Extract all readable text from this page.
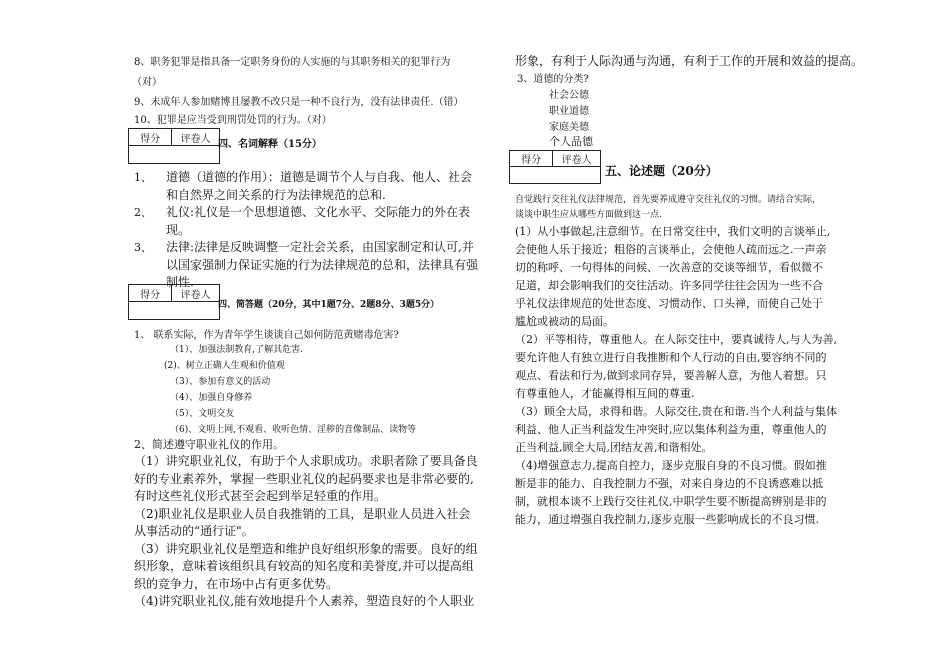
8、职务犯罪是指具备一定职务身份的人实施的与其职务相关的犯罪行为
（对）
9、未成年人参加赌博且屡教不改只是一种不良行为，没有法律责任.（错）
10、犯罪是应当受到刑罚处罚的行为。（对）
得分	评卷人 四、名词解释（15分）
1、 道德（道德的作用）：道德是调节个人与自我、他人、社会
和自然界之间关系的行为法律规范的总和.
2、 礼仪:礼仪是一个思想道德、文化水平、交际能力的外在表
现。
3、 法律:法律是反映调整一定社会关系，由国家制定和认可,并
以国家强制力保证实施的行为法律规范的总和，法律具有强
制性.
得分	评卷人
四、简答题（20分，其中1题7分、2题8分、3题5分）
1、 联系实际，作为青年学生谈谈自己如何防范黄赌毒危害?
（1）、加强法制教育,了解其危害.
(2)、树立正确人生观和价值观
（3）、参加有意义的活动
（4）、加强自身修养
（5）、文明交友
（6)、文明上网,不观看、收听色情、淫秽的音像制品、读物等
2、简述遵守职业礼仪的作用。
（1）讲究职业礼仪，有助于个人求职成功。求职者除了要具备良
好的专业素养外，掌握一些职业礼仪的起码要求也是非常必要的,
有时这些礼仪形式甚至会起到举足轻重的作用。
（2)职业礼仪是职业人员自我推销的工具，是职业人员进入社会
从事活动的“通行证"。
（3）讲究职业礼仪是塑造和维护良好组织形象的需要。良好的组
织形象，意味着该组织具有较高的知名度和美誉度,并可以提高组
织的竞争力，在市场中占有更多优势。
（4)讲究职业礼仪,能有效地提升个人素养，塑造良好的个人职业
形象，有利于人际沟通与沟通，有利于工作的开展和效益的提高。
3、道德的分类?
社会公德
职业道德
家庭美德
个人品德
得分	评卷人
五、论述题（20分）
自觉践行交往礼仪法律规范，首先要养成遵守交往礼仪的习惯。请结合实际，
谈谈中职生应从哪些方面做到这一点.
(1）从小事做起,注意细节。在日常交往中，我们文明的言谈举止,
会使他人乐于接近；粗俗的言谈举止，会使他人疏而远之.一声亲
切的称呼、一句得体的问候、一次善意的交谈等细节，看似微不
足道，却会影响我们的交往活动。许多同学往往会因为一些不合
乎礼仪法律规范的处世态度、习惯动作、口头禅，而使自己处于
尴尬或被动的局面。
（2）平等相待，尊重他人。在人际交往中，要真诚待人,与人为善,
要允许他人有独立进行自我推断和个人行动的自由,要容纳不同的
观点、看法和行为,做到求同存异，要善解人意，为他人着想。只
有尊重他人，才能赢得相互间的尊重.
（3）顾全大局，求得和谐。人际交往,贵在和谐.当个人利益与集体
利益、他人正当利益发生冲突时,应以集体利益为重，尊重他人的
正当利益,顾全大局,团结友善,和谐相处。
（4)增强意志力,提高自控力，逐步克服自身的不良习惯。假如推
断是非的能力、自我控制力不强，对来自身边的不良诱惑难以抵
制，就根本谈不上践行交往礼仪,中职学生要不断提高辨别是非的
能力，通过增强自我控制力,逐步克服一些影响成长的不良习惯.
